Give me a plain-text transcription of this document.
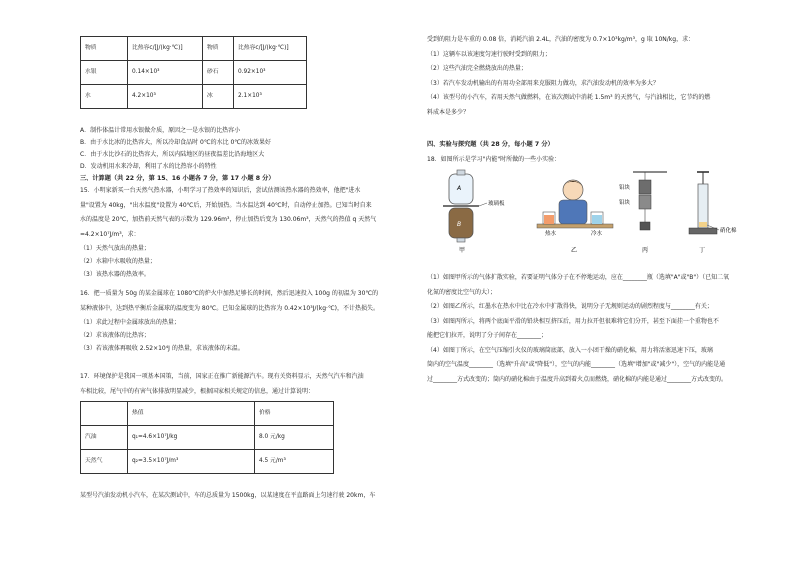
物质	比热容c/[J/(kg·℃)]	物质	比热容c/[J/(kg·℃)]
水银	0.14×10³	砂石	0.92×10³
水	4.2×10³	冰	2.1×10³

A．制作体温计常用水银做介质，原因之一是水银的比热容小

B．由于水比冰的比热容大，所以冷却食品时 0℃的水比 0℃的冰效果好

C．由于水比沙石的比热容大，所以内陆地区的昼夜温差比沿海地区大

D．发动机用水来冷却，利用了水的比热容小的特性

三、计算题（共 22 分，第 15、16 小题各 7 分，第 17 小题 8 分）

15．小明家新买一台天然气热水器，小明学习了热效率的知识后，尝试估测该热水器的热效率，他把"进水

量"设置为 40kg，"出水温度"设置为 40℃后，开始加热。当水温达到 40℃时，自动停止加热。已知当时自来

水的温度是 20℃，加热前天然气表的示数为 129.96m³，停止加热后变为 130.06m³，天然气的热值 q 天然气

=4.2×10⁷J/m³，求：

（1）天然气放出的热量；

（2）水箱中水吸收的热量；

（3）该热水器的热效率。

16．把一质量为 50g 的某金属球在 1080℃的炉火中加热足够长的时间，然后迅速投入 100g 的初温为 30℃的

某种液体中，达到热平衡后金属球的温度变为 80℃。已知金属球的比热容为 0.42×10³J/(kg·℃)，不计热损失。

（1）求此过程中金属球放出的热量；

（2）求该液体的比热容；

（3）若该液体再吸收 2.52×10⁴J 的热量，求该液体的末温。

17．环境保护是我国一项基本国策，当前，国家正在推广新能源汽车。现有关资料显示，天然气汽车和汽油

车相比较，尾气中的有害气体排放明显减少，根据国家相关规定的信息，通过计算说明：

	热值	价格
汽油	q₁=4.6×10⁷J/kg	8.0 元/kg
天然气	q₂=3.5×10⁷J/m³	4.5 元/m³

某型号汽油发动机小汽车，在某次测试中，车的总质量为 1500kg，以某速度在平直路面上匀速行驶 20km，车

受到的阻力是车重的 0.08 倍，消耗汽油 2.4L，汽油的密度为 0.7×10³kg/m³，g 取 10N/kg，求：

（1）这辆车以该速度匀速行驶时受到的阻力；

（2）这些汽油完全燃烧放出的热量；

（3）若汽车发动机输出的有用功全部用来克服阻力做功，求汽油发动机的效率为多大？

（4）该型号的小汽车，若用天然气做燃料，在该次测试中消耗 1.5m³ 的天然气，与汽油相比，它节约的燃

料成本是多少？

四、实验与探究题（共 28 分，每小题 7 分）

18．如图所示是学习"内能"时所做的一些小实验：

A
B
玻璃板
热水	冷水
铅块
铅块
硝化棉
甲	乙	丙	丁

（1）如图甲所示的气体扩散实验，若要证明气体分子在不停地运动，应在________瓶（选填"A"或"B"）（已知二氧

化氮的密度比空气的大）；

（2）如图乙所示，红墨水在热水中比在冷水中扩散得快，说明分子无规则运动的剧烈程度与________有关；

（3）如图丙所示，将两个底面平滑的铅块相互挤压后，用力拉开但很难将它们分开，甚至下面挂一个重物也不

能把它们拉开，说明了分子间存在________；

（4）如图丁所示，在空气压缩引火仪的玻璃筒底部，放入一小团干燥的硝化棉，用力将活塞迅速下压，玻璃

筒内的空气温度________（选填"升高"或"降低"），空气的内能________（选填"增加"或"减少"），空气的内能是通

过________方式改变的；筒内的硝化棉由于温度升高到着火点而燃烧，硝化棉的内能是通过________方式改变的。
